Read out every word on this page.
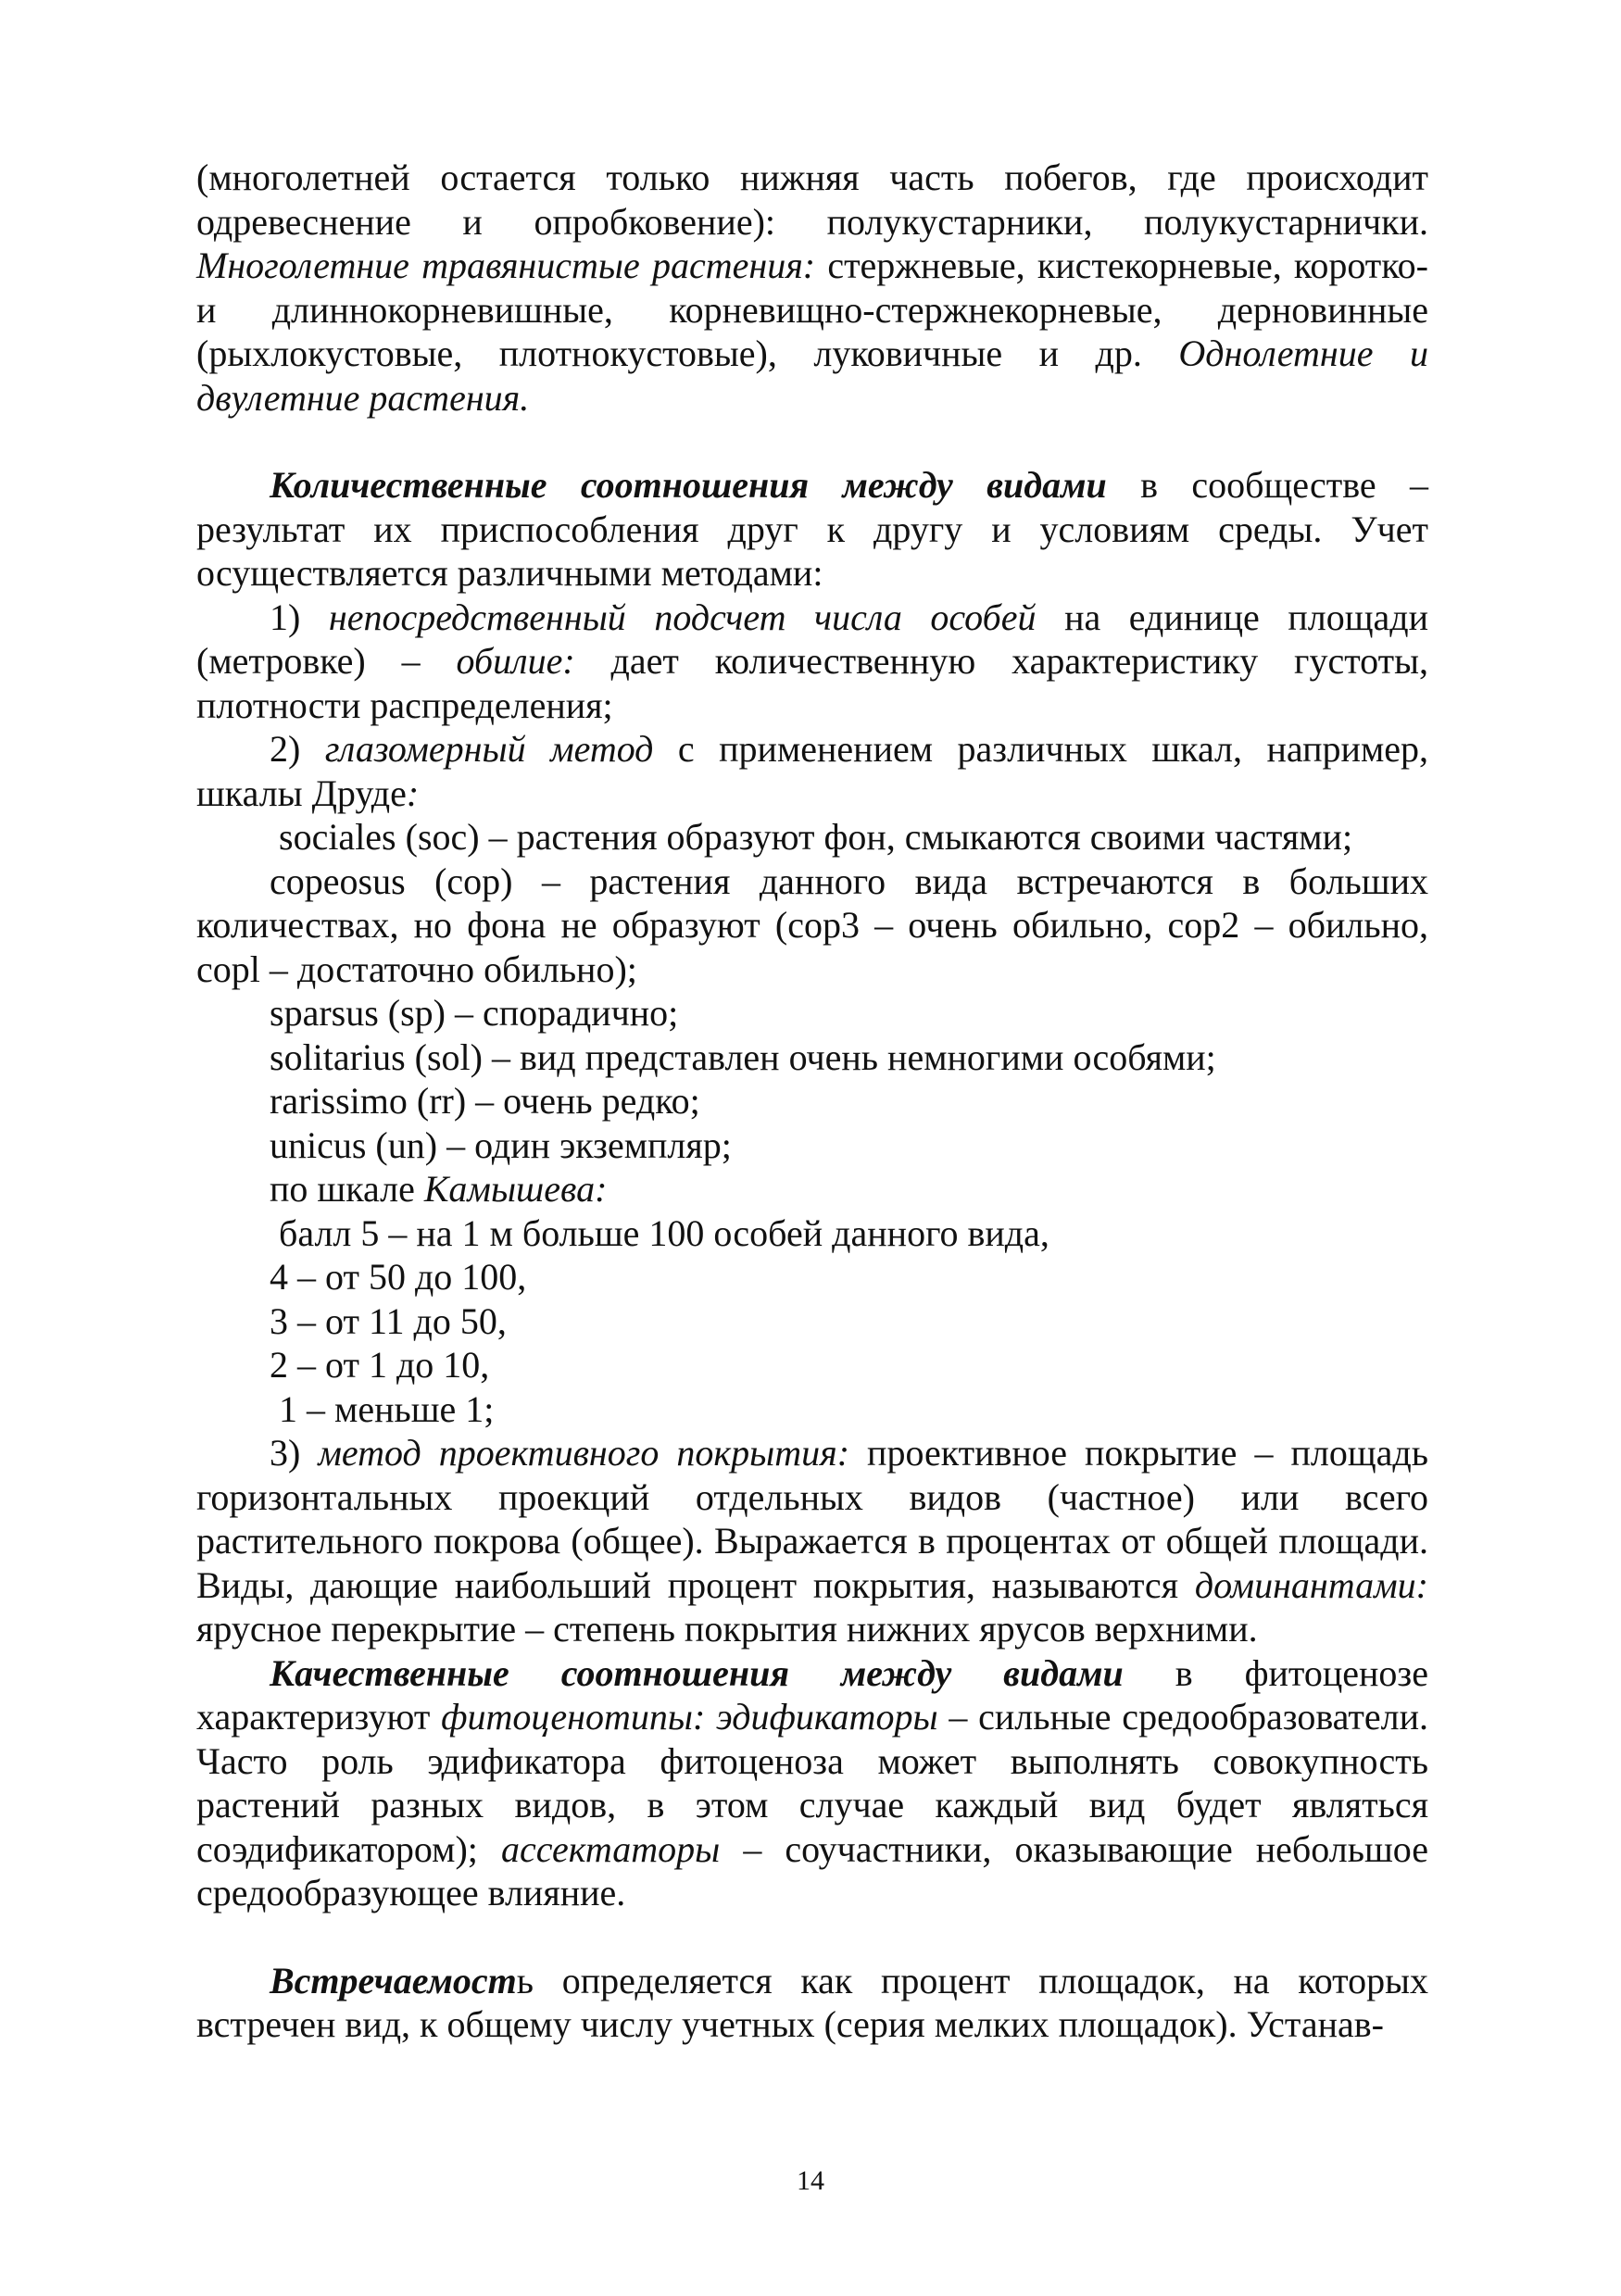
(многолетней остается только нижняя часть побегов, где происходит одревеснение и опробковение): полукустарники, полукустарнички. Многолетние травянистые растения: стержневые, кистекорневые, коротко- и длиннокорневишные, корневищно-стержнекорневые, дерновинные (рыхлокустовые, плотнокустовые), луковичные и др. Однолетние и двулетние растения.

Количественные соотношения между видами в сообществе – результат их приспособления друг к другу и условиям среды. Учет осуществляется различными методами:

1) непосредственный подсчет числа особей на единице площади (метровке) – обилие: дает количественную характеристику густоты, плотности распределения;

2) глазомерный метод с применением различных шкал, например, шкалы Друде:

sociales (soc) – растения образуют фон, смыкаются своими частями;

copeosus (cop) – растения данного вида встречаются в больших количествах, но фона не образуют (cop3 – очень обильно, cop2 – обильно, copl – достаточно обильно);

sparsus (sp) – спорадично;

solitarius (sol) – вид представлен очень немногими особями;

rarissimo (rr) – очень редко;

unicus (un) – один экземпляр;

по шкале Камышева:

балл 5 – на 1 м больше 100 особей данного вида,

4 – от 50 до 100,

3 – от 11 до 50,

2 – от 1 до 10,

1 – меньше 1;

3) метод проективного покрытия: проективное покрытие – площадь горизонтальных проекций отдельных видов (частное) или всего растительного покрова (общее). Выражается в процентах от общей площади. Виды, дающие наибольший процент покрытия, называются доминантами: ярусное перекрытие – степень покрытия нижних ярусов верхними.

Качественные соотношения между видами в фитоценозе характеризуют фитоценотипы: эдификаторы – сильные средообразователи. Часто роль эдификатора фитоценоза может выполнять совокупность растений разных видов, в этом случае каждый вид будет являться соэдификатором); ассектаторы – соучастники, оказывающие небольшое средообразующее влияние.

Встречаемость определяется как процент площадок, на которых встречен вид, к общему числу учетных (серия мелких площадок). Устанав-

14
